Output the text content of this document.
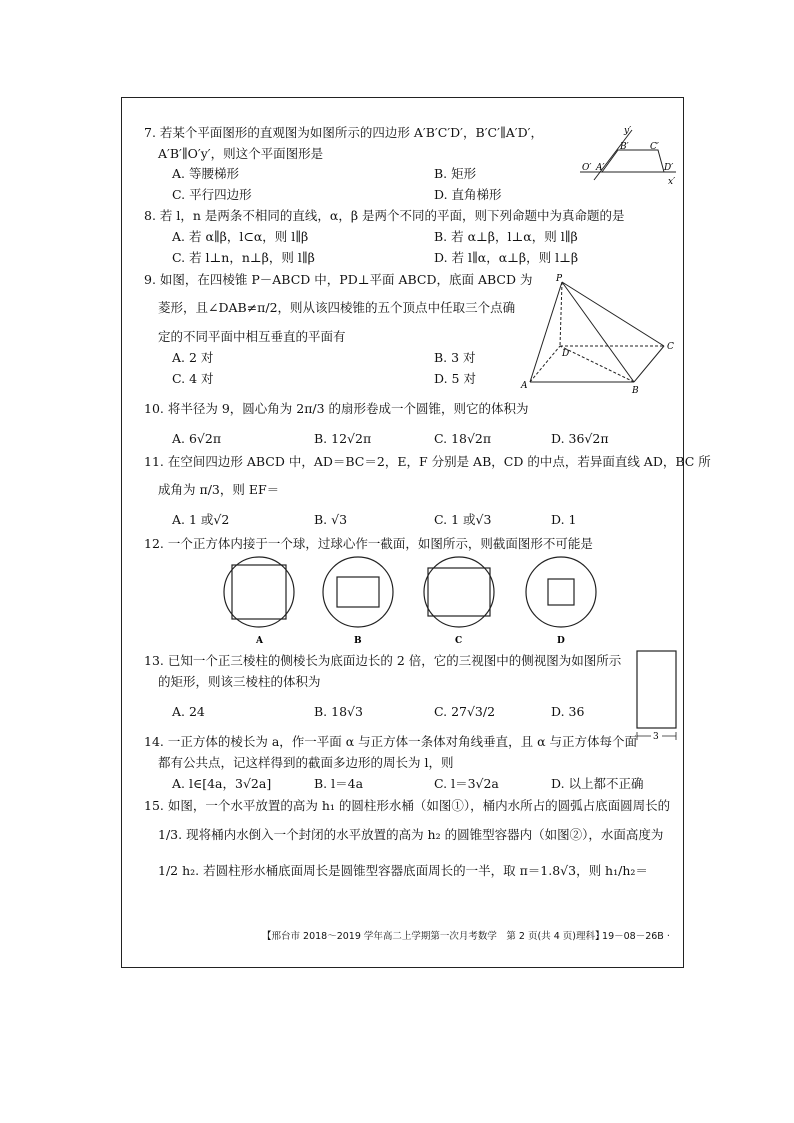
7. 若某个平面图形的直观图为如图所示的四边形 A′B′C′D′，B′C′∥A′D′，
A′B′∥O′y′，则这个平面图形是
A. 等腰梯形	B. 矩形
C. 平行四边形	D. 直角梯形
y′
B′ C′
O′ A′	D′
x′
8. 若 l，n 是两条不相同的直线，α，β 是两个不同的平面，则下列命题中为真命题的是
A. 若 α∥β，l⊂α，则 l∥β	B. 若 α⊥β，l⊥α，则 l∥β
C. 若 l⊥n，n⊥β，则 l∥β	D. 若 l∥α，α⊥β，则 l⊥β
9. 如图，在四棱锥 P－ABCD 中，PD⊥平面 ABCD，底面 ABCD 为
菱形，且∠DAB≠π/2，则从该四棱锥的五个顶点中任取三个点确
定的不同平面中相互垂直的平面有
A. 2 对	B. 3 对
C. 4 对	D. 5 对
P
D
C
A	B
10. 将半径为 9，圆心角为 2π/3 的扇形卷成一个圆锥，则它的体积为
A. 6√2π	B. 12√2π	C. 18√2π	D. 36√2π
11. 在空间四边形 ABCD 中，AD＝BC＝2，E，F 分别是 AB，CD 的中点，若异面直线 AD，BC 所
成角为 π/3，则 EF＝
A. 1 或√2	B. √3	C. 1 或√3	D. 1
12. 一个正方体内接于一个球，过球心作一截面，如图所示，则截面图形不可能是
A	B	C	D
13. 已知一个正三棱柱的侧棱长为底面边长的 2 倍，它的三视图中的侧视图为如图所示
的矩形，则该三棱柱的体积为
A. 24	B. 18√3	C. 27√3/2	D. 36
3
14. 一正方体的棱长为 a，作一平面 α 与正方体一条体对角线垂直，且 α 与正方体每个面
都有公共点，记这样得到的截面多边形的周长为 l，则
A. l∈[4a，3√2a]	B. l＝4a	C. l＝3√2a	D. 以上都不正确
15. 如图，一个水平放置的高为 h₁ 的圆柱形水桶（如图①），桶内水所占的圆弧占底面圆周长的
1/3. 现将桶内水倒入一个封闭的水平放置的高为 h₂ 的圆锥型容器内（如图②），水面高度为
1/2 h₂. 若圆柱形水桶底面周长是圆锥型容器底面周长的一半，取 π＝1.8√3，则 h₁/h₂＝
【邢台市 2018～2019 学年高二上学期第一次月考数学　第 2 页(共 4 页)理科】
· 19－08－26B ·
